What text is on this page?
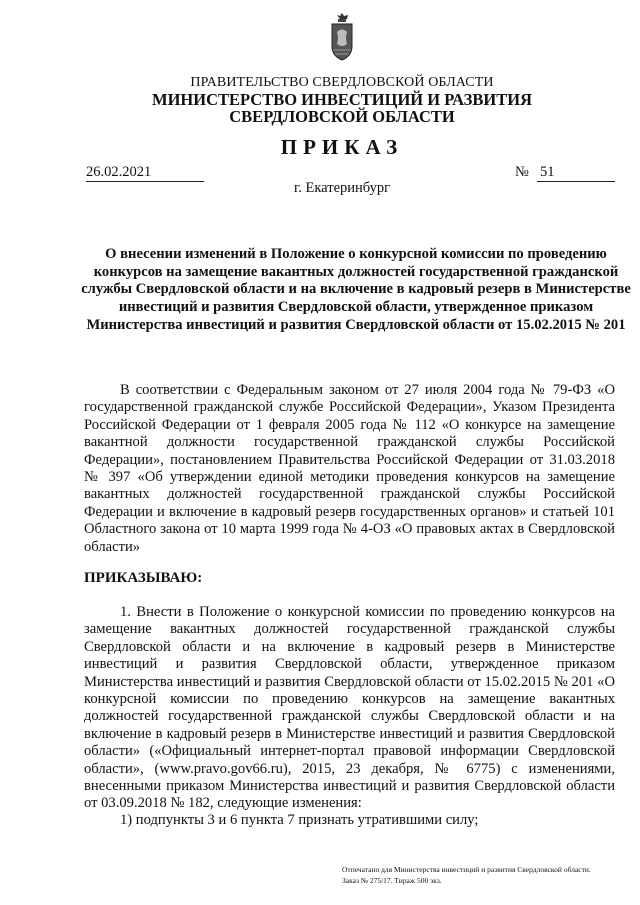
ПРАВИТЕЛЬСТВО СВЕРДЛОВСКОЙ ОБЛАСТИ
МИНИСТЕРСТВО ИНВЕСТИЦИЙ И РАЗВИТИЯ
СВЕРДЛОВСКОЙ ОБЛАСТИ
ПРИКАЗ
26.02.2021	№ 51
г. Екатеринбург
О внесении изменений в Положение о конкурсной комиссии по проведению конкурсов на замещение вакантных должностей государственной гражданской службы Свердловской области и на включение в кадровый резерв в Министерстве инвестиций и развития Свердловской области, утвержденное приказом Министерства инвестиций и развития Свердловской области от 15.02.2015 № 201
В соответствии с Федеральным законом от 27 июля 2004 года № 79-ФЗ «О государственной гражданской службе Российской Федерации», Указом Президента Российской Федерации от 1 февраля 2005 года № 112 «О конкурсе на замещение вакантной должности государственной гражданской службы Российской Федерации», постановлением Правительства Российской Федерации от 31.03.2018 № 397 «Об утверждении единой методики проведения конкурсов на замещение вакантных должностей государственной гражданской службы Российской Федерации и включение в кадровый резерв государственных органов» и статьей 101 Областного закона от 10 марта 1999 года № 4-ОЗ «О правовых актах в Свердловской области»
ПРИКАЗЫВАЮ:
1. Внести в Положение о конкурсной комиссии по проведению конкурсов на замещение вакантных должностей государственной гражданской службы Свердловской области и на включение в кадровый резерв в Министерстве инвестиций и развития Свердловской области, утвержденное приказом Министерства инвестиций и развития Свердловской области от 15.02.2015 № 201 «О конкурсной комиссии по проведению конкурсов на замещение вакантных должностей государственной гражданской службы Свердловской области и на включение в кадровый резерв в Министерстве инвестиций и развития Свердловской области» («Официальный интернет-портал правовой информации Свердловской области», (www.pravo.gov66.ru), 2015, 23 декабря, № 6775) с изменениями, внесенными приказом Министерства инвестиций и развития Свердловской области от 03.09.2018 № 182, следующие изменения:
1) подпункты 3 и 6 пункта 7 признать утратившими силу;
Отпечатано для Министерства инвестиций и развития Свердловской области.
Заказ № 275/17. Тираж 500 экз.
